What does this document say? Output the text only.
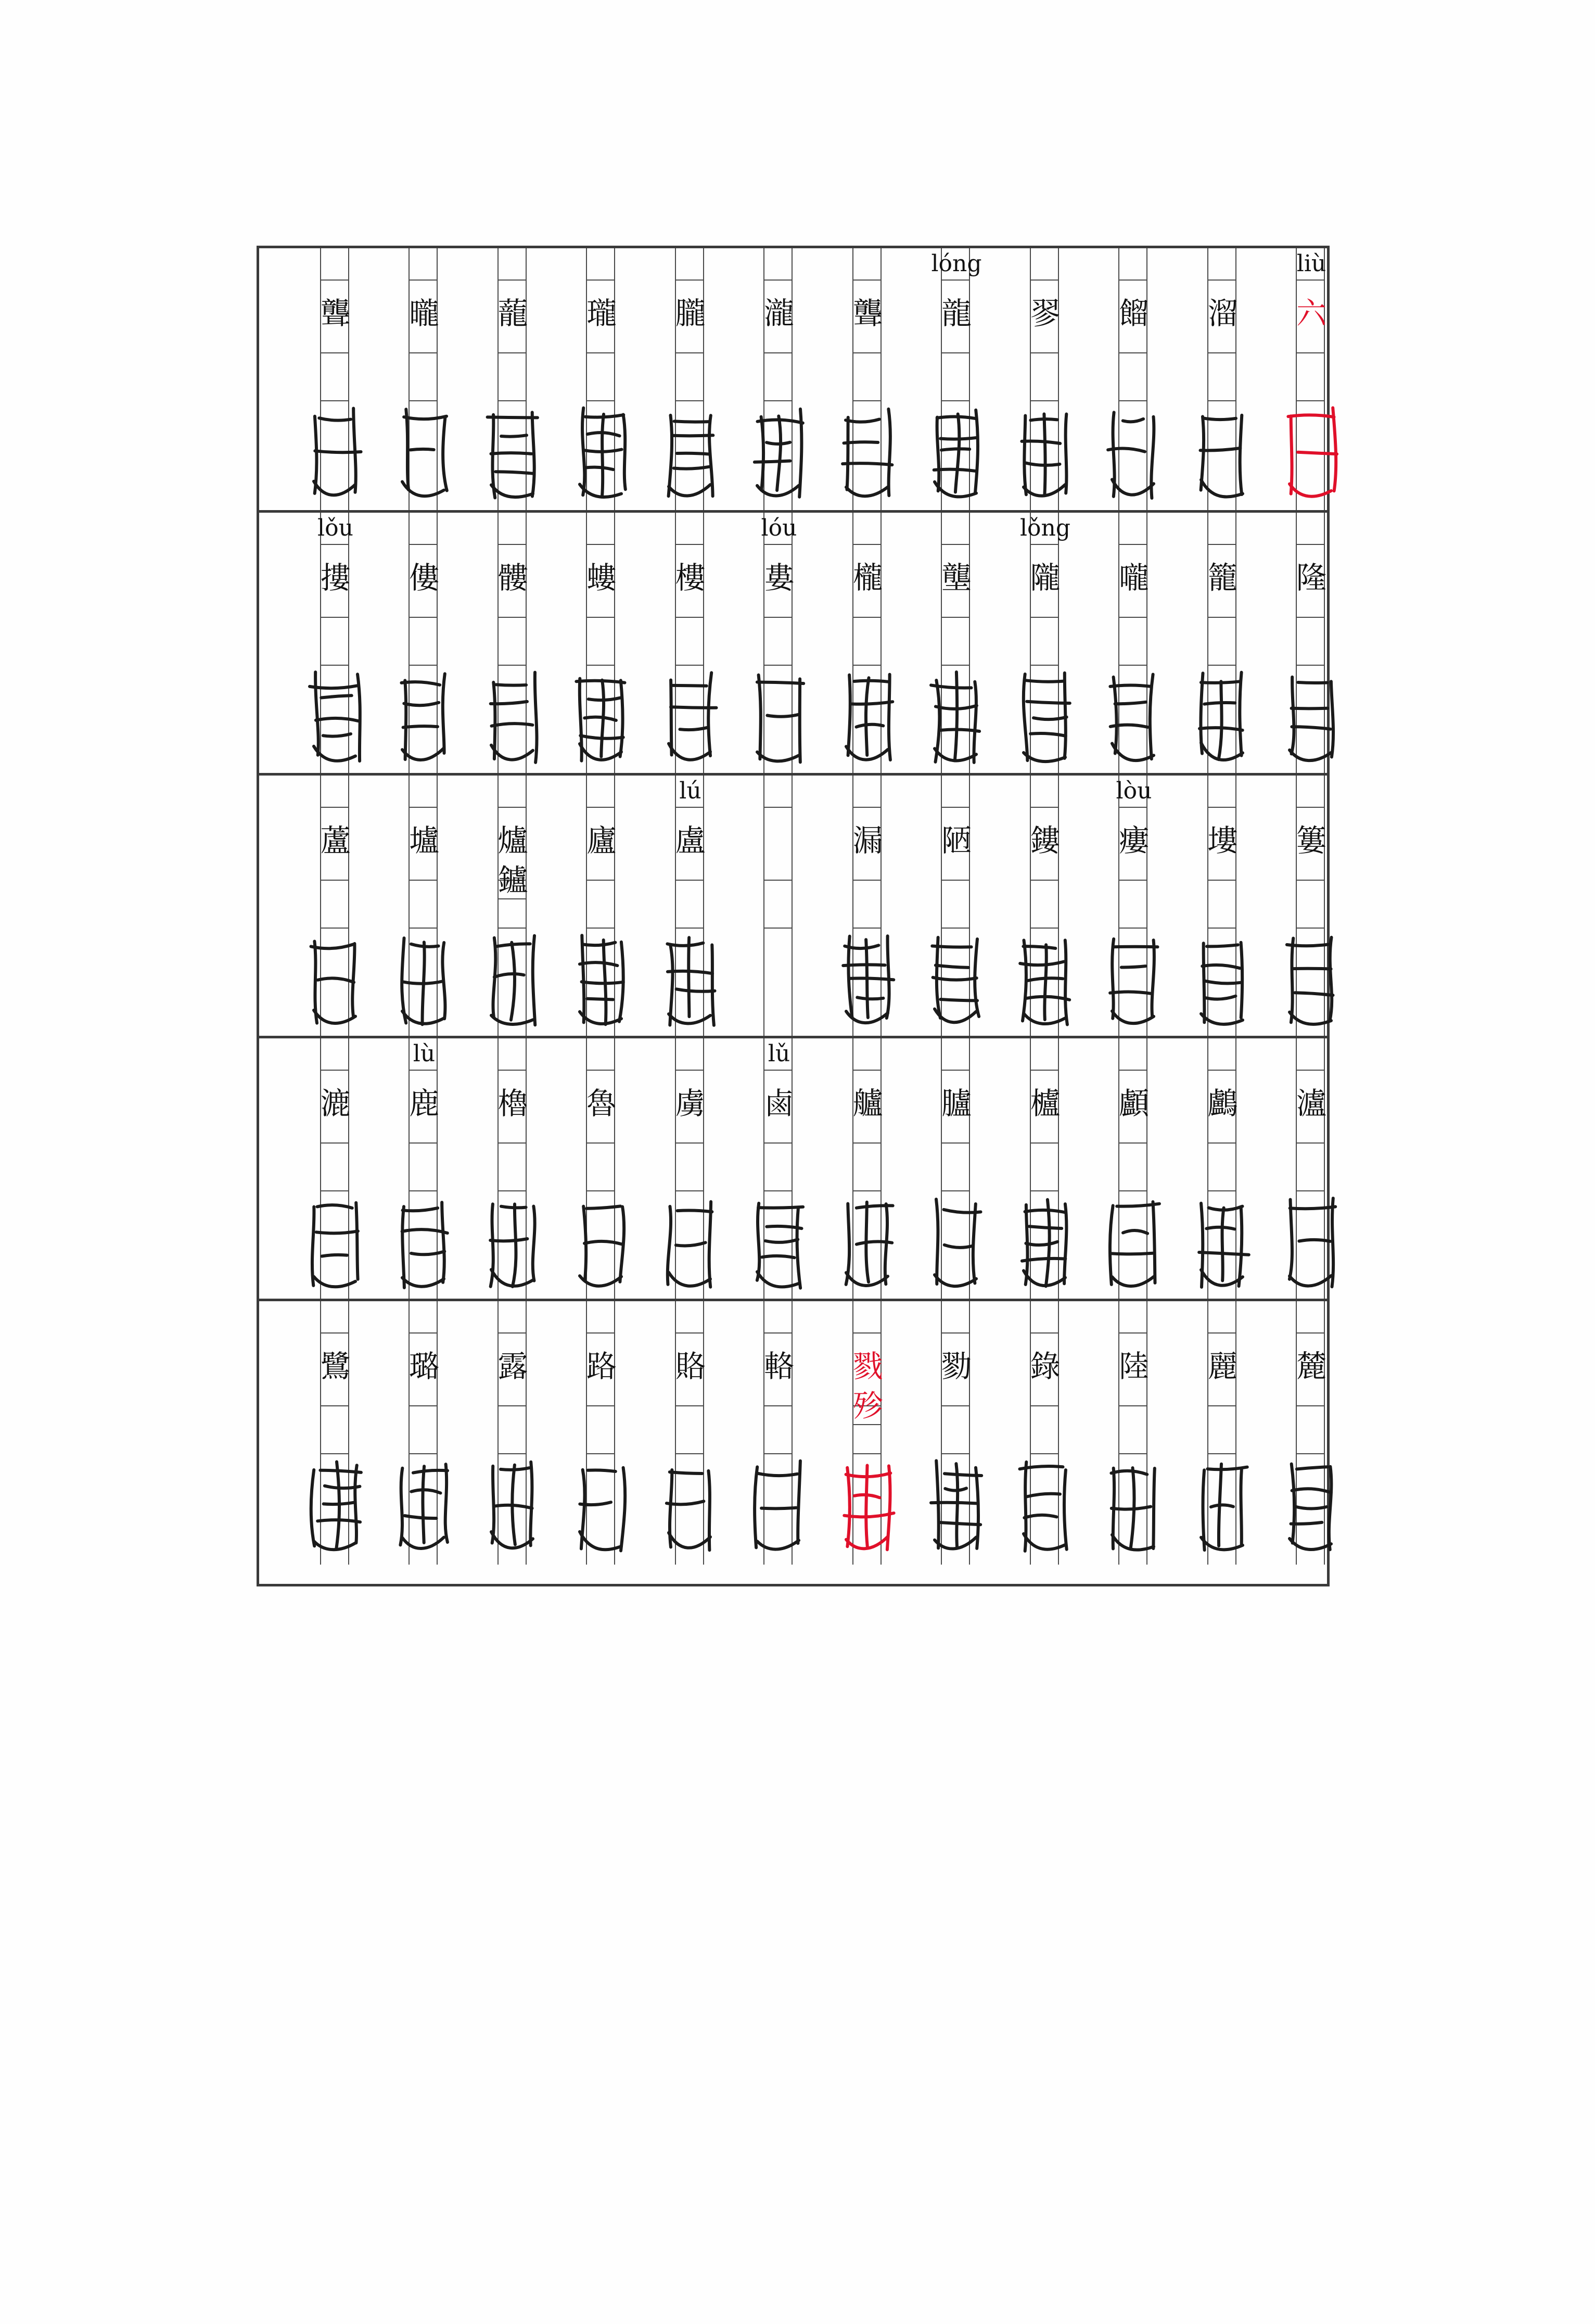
liù
六
溜
餾
翏
lóng
龍
聾
瀧
朧
瓏
蘢
曨
聾
隆
籠
嚨
lǒng
隴
壟
櫳
lóu
婁
樓
螻
髏
僂
lǒu
摟
簍
塿
lòu
瘻
鏤
陋
漏
lú
盧
廬
爐
鑪
壚
蘆
瀘
鸕
顱
櫨
臚
艫
lǔ
鹵
虜
魯
櫓
lù
鹿
漉
麓
麗
陸
錄
勠
戮
殄
輅
賂
路
露
璐
鷺
